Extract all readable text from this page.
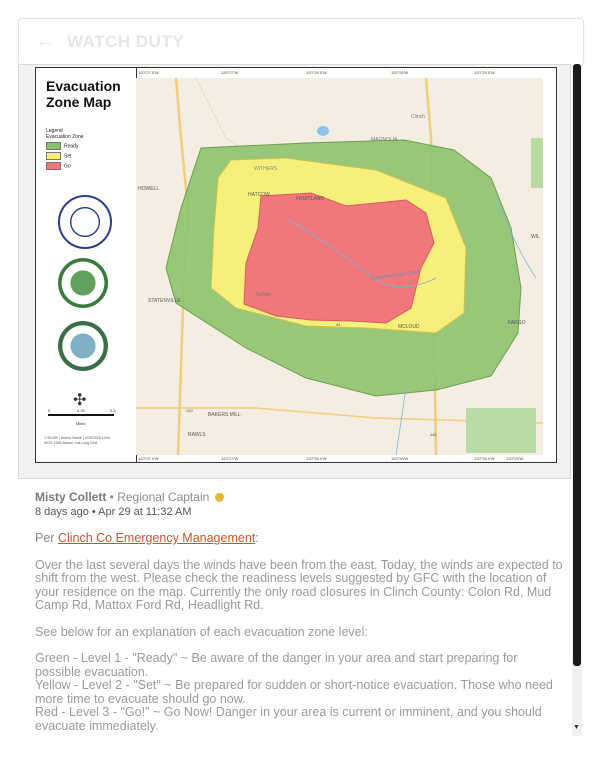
← WATCH DUTY
Evacuation Zone Map
Legend
Evacuation Zone
Ready
Set
Go
✣
0	0.25	0.5
Miles
1:35,000 | Author Name | 4/29/2026 1044
WGS 1984 Datum: Lat,Long Grid
120°27.5'W	120°27'W	120°26.5'W	120°26'W	120°25.5'W
120°27.5'W	120°27'W	120°26.5'W	120°26'W	120°25.5'W	120°25'W
Clinch
MAGNOLIA
WITHERS
HATCOW
FRUITLAND
HOWELL
STATENVILLE
BAKERS MILL
RAWLS
MCLOUD
FARGO
WIL
Schole
Suwannoochee Creek
441
94
100
▼
Misty Collett • Regional Captain
8 days ago • Apr 29 at 11:32 AM
Per Clinch Co Emergency Management:
Over the last several days the winds have been from the east. Today, the winds are expected to shift from the west. Please check the readiness levels suggested by GFC with the location of your residence on the map. Currently the only road closures in Clinch County: Colon Rd, Mud Camp Rd, Mattox Ford Rd, Headlight Rd.
See below for an explanation of each evacuation zone level:
Green - Level 1 - "Ready" ~ Be aware of the danger in your area and start preparing for possible evacuation.
Yellow - Level 2 - "Set" ~ Be prepared for sudden or short-notice evacuation. Those who need more time to evacuate should go now.
Red - Level 3 - "Go!" ~ Go Now! Danger in your area is current or imminent, and you should evacuate immediately.
